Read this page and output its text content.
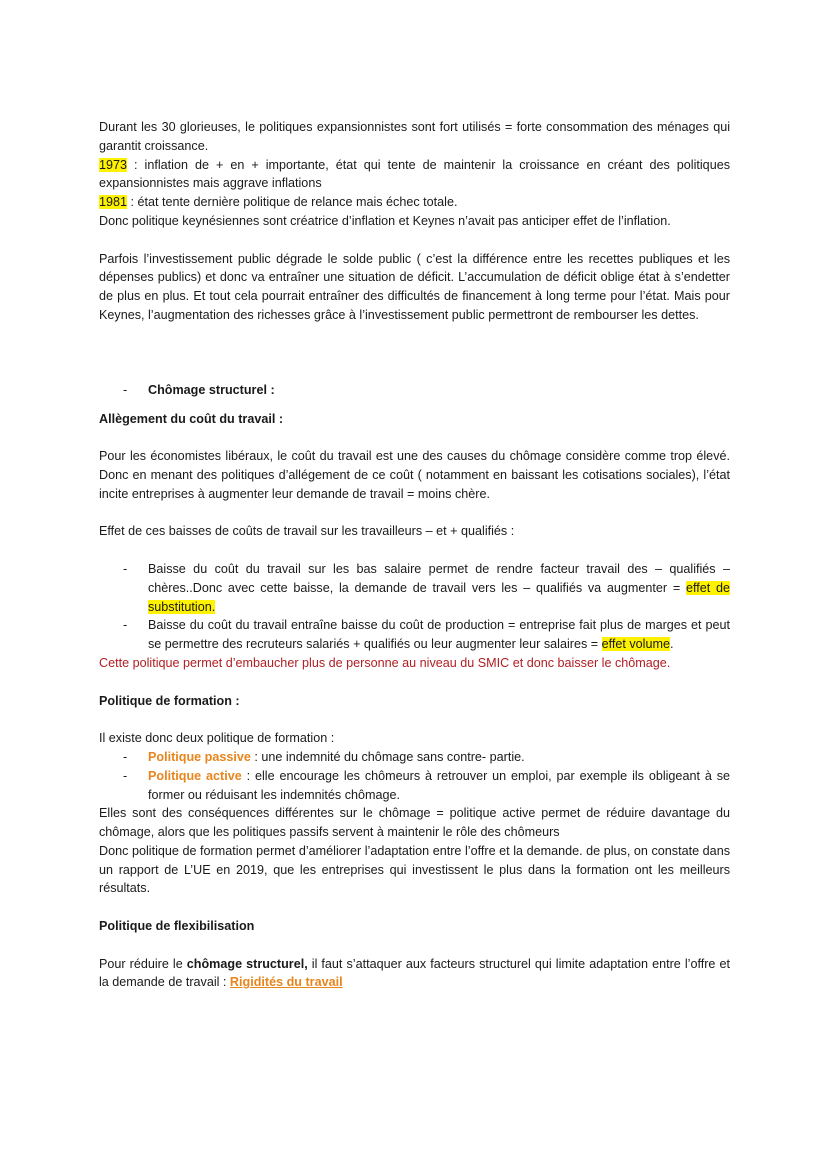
Durant les 30 glorieuses, le politiques expansionnistes sont fort utilisés = forte consommation des ménages qui garantit croissance.

1973 : inflation de + en + importante, état qui tente de maintenir la croissance en créant des politiques expansionnistes mais aggrave inflations

1981 : état tente dernière politique de relance mais échec totale.

Donc politique keynésiennes sont créatrice d’inflation et Keynes n’avait pas anticiper effet de l’inflation.

Parfois l’investissement public dégrade le solde public ( c’est la différence entre les recettes publiques et les dépenses publics) et donc va entraîner une situation de déficit. L’accumulation de déficit oblige état à s’endetter de plus en plus. Et tout cela pourrait entraîner des difficultés de financement à long terme pour l’état. Mais pour Keynes, l’augmentation des richesses grâce à l’investissement public permettront de rembourser les dettes.

-	Chômage structurel :

Allègement du coût du travail :

Pour les économistes libéraux, le coût du travail est une des causes du chômage considère comme trop élevé. Donc en menant des politiques d’allégement de ce coût ( notamment en baissant les cotisations sociales), l’état incite entreprises à augmenter leur demande de travail = moins chère.

Effet de ces baisses de coûts de travail sur les travailleurs – et + qualifiés :

-	Baisse du coût du travail sur les bas salaire permet de rendre facteur travail des – qualifiés – chères..Donc avec cette baisse, la demande de travail vers les – qualifiés va augmenter = effet de substitution.
-	Baisse du coût du travail entraîne baisse du coût de production = entreprise fait plus de marges et peut se permettre des recruteurs salariés + qualifiés ou leur augmenter leur salaires = effet volume.

Cette politique permet d’embaucher plus de personne au niveau du SMIC et donc baisser le chômage.

Politique de formation :

Il existe donc deux politique de formation :

-	Politique passive : une indemnité du chômage sans contre- partie.
-	Politique active : elle encourage les chômeurs à retrouver un emploi, par exemple ils obligeant à se former ou réduisant les indemnités chômage.

Elles sont des conséquences différentes sur le chômage = politique active permet de réduire davantage du chômage, alors que les politiques passifs servent à maintenir le rôle des chômeurs

Donc politique de formation permet d’améliorer l’adaptation entre l’offre et la demande. de plus, on constate dans un rapport de L’UE en 2019, que les entreprises qui investissent le plus dans la formation ont les meilleurs résultats.

Politique de flexibilisation

Pour réduire le chômage structurel, il faut s’attaquer aux facteurs structurel qui limite adaptation entre l’offre et la demande de travail : Rigidités du travail
